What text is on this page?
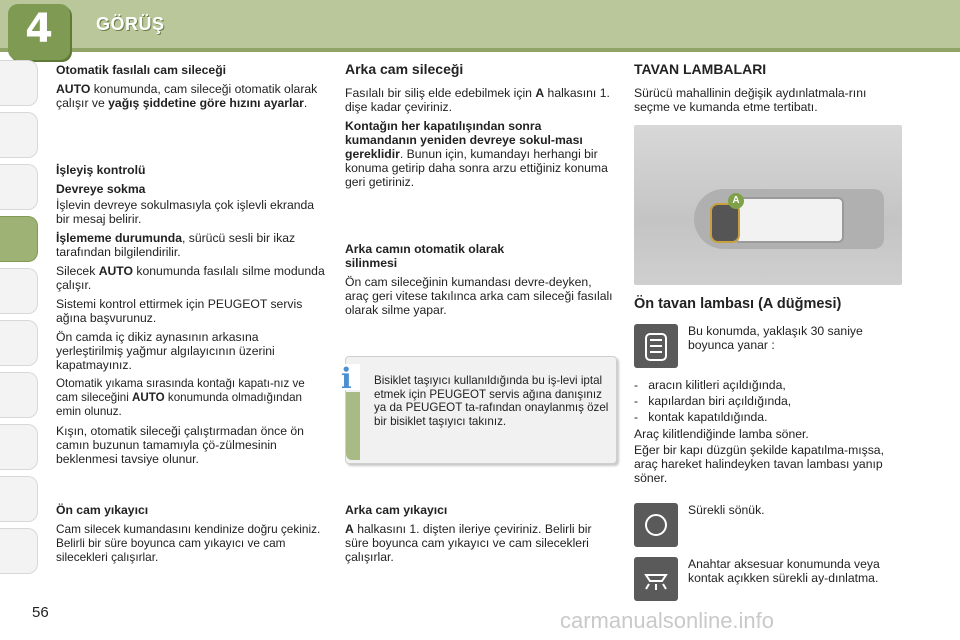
4	GÖRÜŞ

Otomatik fasılalı cam sileceği

AUTO konumunda, cam sileceği otomatik olarak çalışır ve yağış şiddetine göre hızını ayarlar.

İşleyiş kontrolü

Devreye sokma

İşlevin devreye sokulmasıyla çok işlevli ekranda bir mesaj belirir.

İşlememe durumunda, sürücü sesli bir ikaz tarafından bilgilendirilir.

Silecek AUTO konumunda fasılalı silme modunda çalışır.

Sistemi kontrol ettirmek için PEUGEOT servis ağına başvurunuz.

Ön camda iç dikiz aynasının arkasına yerleştirilmiş yağmur algılayıcının üzerini kapatmayınız.

Otomatik yıkama sırasında kontağı kapatı-nız ve cam sileceğini AUTO konumunda olmadığından emin olunuz.

Kışın, otomatik sileceği çalıştırmadan önce ön camın buzunun tamamıyla çö-zülmesinin beklenmesi tavsiye olunur.

Ön cam yıkayıcı

Cam silecek kumandasını kendinize doğru çekiniz. Belirli bir süre boyunca cam yıkayıcı ve cam silecekleri çalışırlar.

Arka cam sileceği

Fasılalı bir siliş elde edebilmek için A halkasını 1. dişe kadar çeviriniz.

Kontağın her kapatılışından sonra kumandanın yeniden devreye sokul-ması gereklidir. Bunun için, kumandayı herhangi bir konuma getirip daha sonra arzu ettiğiniz konuma geri getiriniz.

Arka camın otomatik olarak silinmesi

Ön cam sileceğinin kumandası devre-deyken, araç geri vitese takılınca arka cam sileceği fasılalı olarak silme yapar.

i Bisiklet taşıyıcı kullanıldığında bu iş-levi iptal etmek için PEUGEOT servis ağına danışınız ya da PEUGEOT ta-rafından onaylanmış özel bir bisiklet taşıyıcı takınız.

Arka cam yıkayıcı

A halkasını 1. dişten ileriye çeviriniz. Belirli bir süre boyunca cam yıkayıcı ve cam silecekleri çalışırlar.

TAVAN LAMBALARI

Sürücü mahallinin değişik aydınlatmala-rını seçme ve kumanda etme tertibatı.

A

Ön tavan lambası (A düğmesi)

Bu konumda, yaklaşık 30 saniye boyunca yanar :

-   aracın kilitleri açıldığında,

-   kapılardan biri açıldığında,

-   kontak kapatıldığında.

Araç kilitlendiğinde lamba söner.

Eğer bir kapı düzgün şekilde kapatılma-mışsa, araç hareket halindeyken tavan lambası yanıp söner.

Sürekli sönük.

Anahtar aksesuar konumunda veya kontak açıkken sürekli ay-dınlatma.

56	carmanualsonline.info
